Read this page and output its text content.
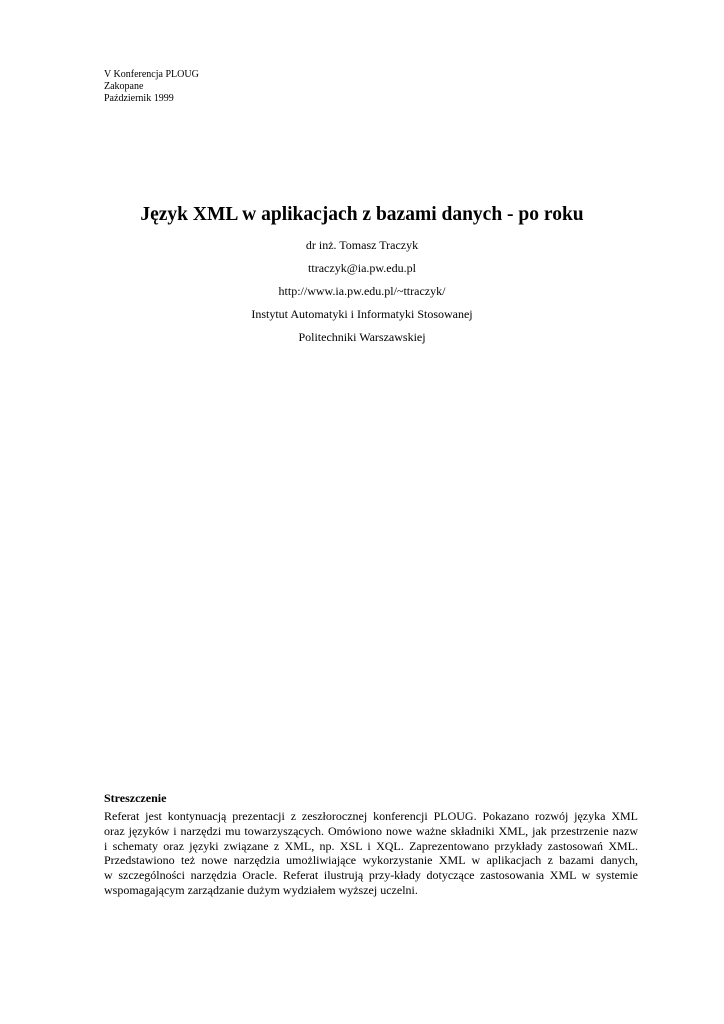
V Konferencja PLOUG
Zakopane
Październik 1999
Język XML w aplikacjach z bazami danych - po roku
dr inż. Tomasz Traczyk
ttraczyk@ia.pw.edu.pl
http://www.ia.pw.edu.pl/~ttraczyk/
Instytut Automatyki i Informatyki Stosowanej
Politechniki Warszawskiej
Streszczenie
Referat jest kontynuacją prezentacji z zeszłorocznej konferencji PLOUG. Pokazano rozwój języka XML
oraz języków i narzędzi mu towarzyszących. Omówiono nowe ważne składniki XML, jak przestrzenie nazw
i schematy oraz języki związane z XML, np. XSL i XQL. Zaprezentowano przykłady zastosowań XML.
Przedstawiono też nowe narzędzia umożliwiające wykorzystanie XML w aplikacjach z bazami danych,
w szczególności narzędzia Oracle. Referat ilustrują przy-kłady dotyczące zastosowania XML w systemie
wspomagającym zarządzanie dużym wydziałem wyższej uczelni.
